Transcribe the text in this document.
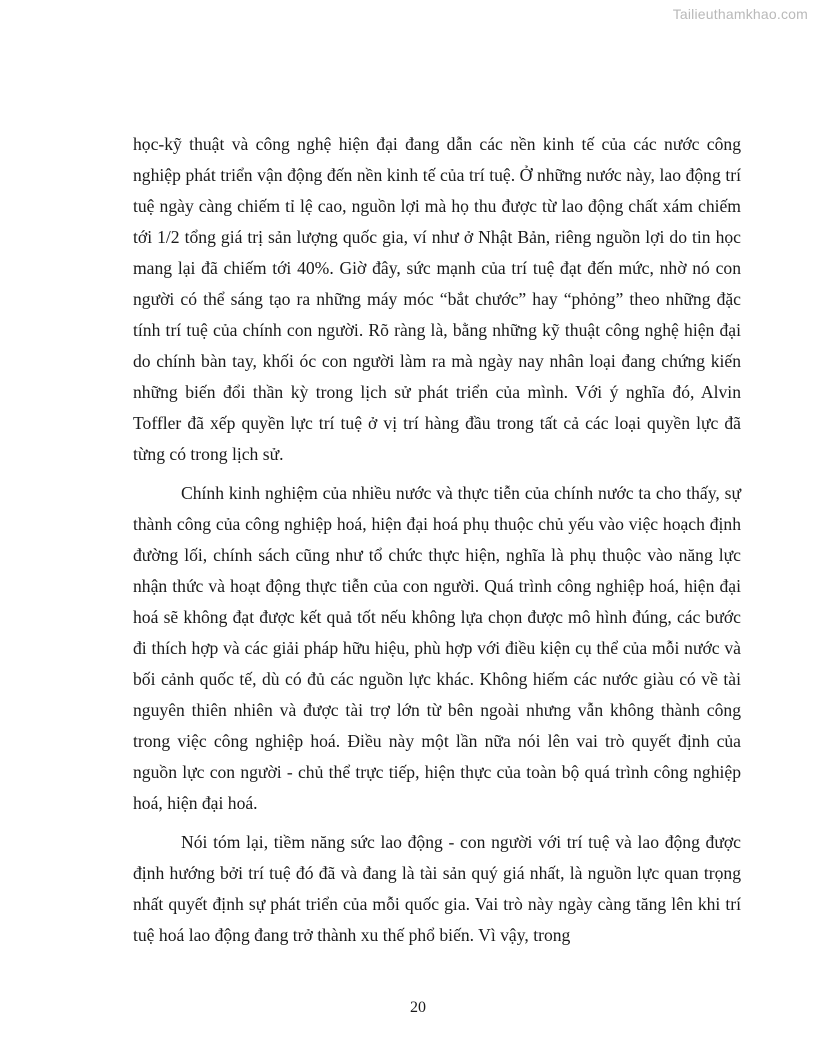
Tailieuthamkhao.com

học-kỹ thuật và công nghệ hiện đại đang dẫn các nền kinh tế của các nước công nghiệp phát triển vận động đến nền kinh tế của trí tuệ. Ở những nước này, lao động trí tuệ ngày càng chiếm tỉ lệ cao, nguồn lợi mà họ thu được từ lao động chất xám chiếm tới 1/2 tổng giá trị sản lượng quốc gia, ví như ở Nhật Bản, riêng nguồn lợi do tin học mang lại đã chiếm tới 40%. Giờ đây, sức mạnh của trí tuệ đạt đến mức, nhờ nó con người có thể sáng tạo ra những máy móc “bắt chước” hay “phỏng” theo những đặc tính trí tuệ của chính con người. Rõ ràng là, bằng những kỹ thuật công nghệ hiện đại do chính bàn tay, khối óc con người làm ra mà ngày nay nhân loại đang chứng kiến những biến đổi thần kỳ trong lịch sử phát triển của mình. Với ý nghĩa đó, Alvin Toffler đã xếp quyền lực trí tuệ ở vị trí hàng đầu trong tất cả các loại quyền lực đã từng có trong lịch sử.

Chính kinh nghiệm của nhiều nước và thực tiễn của chính nước ta cho thấy, sự thành công của công nghiệp hoá, hiện đại hoá phụ thuộc chủ yếu vào việc hoạch định đường lối, chính sách cũng như tổ chức thực hiện, nghĩa là phụ thuộc vào năng lực nhận thức và hoạt động thực tiễn của con người. Quá trình công nghiệp hoá, hiện đại hoá sẽ không đạt được kết quả tốt nếu không lựa chọn được mô hình đúng, các bước đi thích hợp và các giải pháp hữu hiệu, phù hợp với điều kiện cụ thể của mỗi nước và bối cảnh quốc tế, dù có đủ các nguồn lực khác. Không hiếm các nước giàu có về tài nguyên thiên nhiên và được tài trợ lớn từ bên ngoài nhưng vẫn không thành công trong việc công nghiệp hoá. Điều này một lần nữa nói lên vai trò quyết định của nguồn lực con người - chủ thể trực tiếp, hiện thực của toàn bộ quá trình công nghiệp hoá, hiện đại hoá.

Nói tóm lại, tiềm năng sức lao động - con người với trí tuệ và lao động được định hướng bởi trí tuệ đó đã và đang là tài sản quý giá nhất, là nguồn lực quan trọng nhất quyết định sự phát triển của mỗi quốc gia. Vai trò này ngày càng tăng lên khi trí tuệ hoá lao động đang trở thành xu thế phổ biến. Vì vậy, trong

20
